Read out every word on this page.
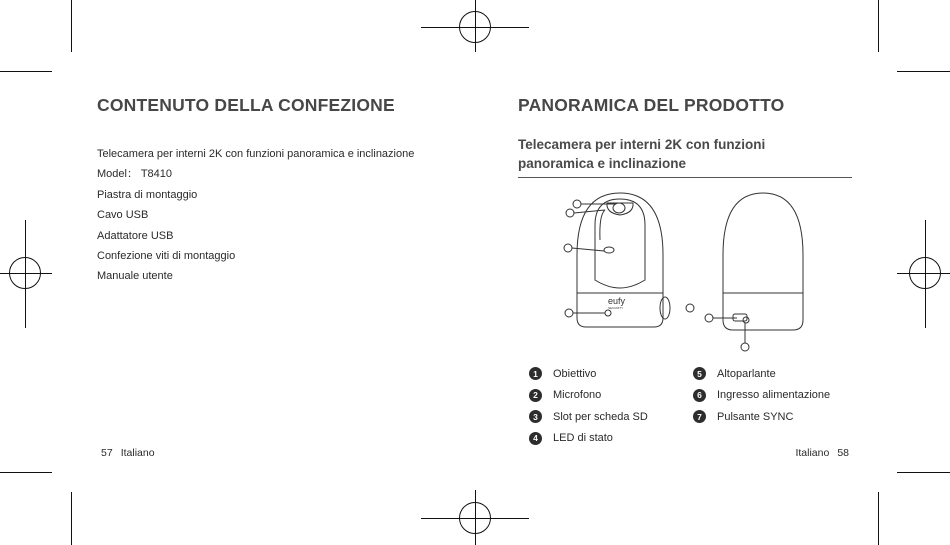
CONTENUTO DELLA CONFEZIONE
Telecamera per interni 2K con funzioni panoramica e inclinazione
Model： T8410
Piastra di montaggio
Cavo USB
Adattatore USB
Confezione viti di montaggio
Manuale utente
57 Italiano
PANORAMICA DEL PRODOTTO
Telecamera per interni 2K con funzioni
panoramica e inclinazione
eufy
SECURITY
1	Obiettivo
2	Microfono
3	Slot per scheda SD
4	LED di stato
5	Altoparlante
6	Ingresso alimentazione
7	Pulsante SYNC
Italiano 58
